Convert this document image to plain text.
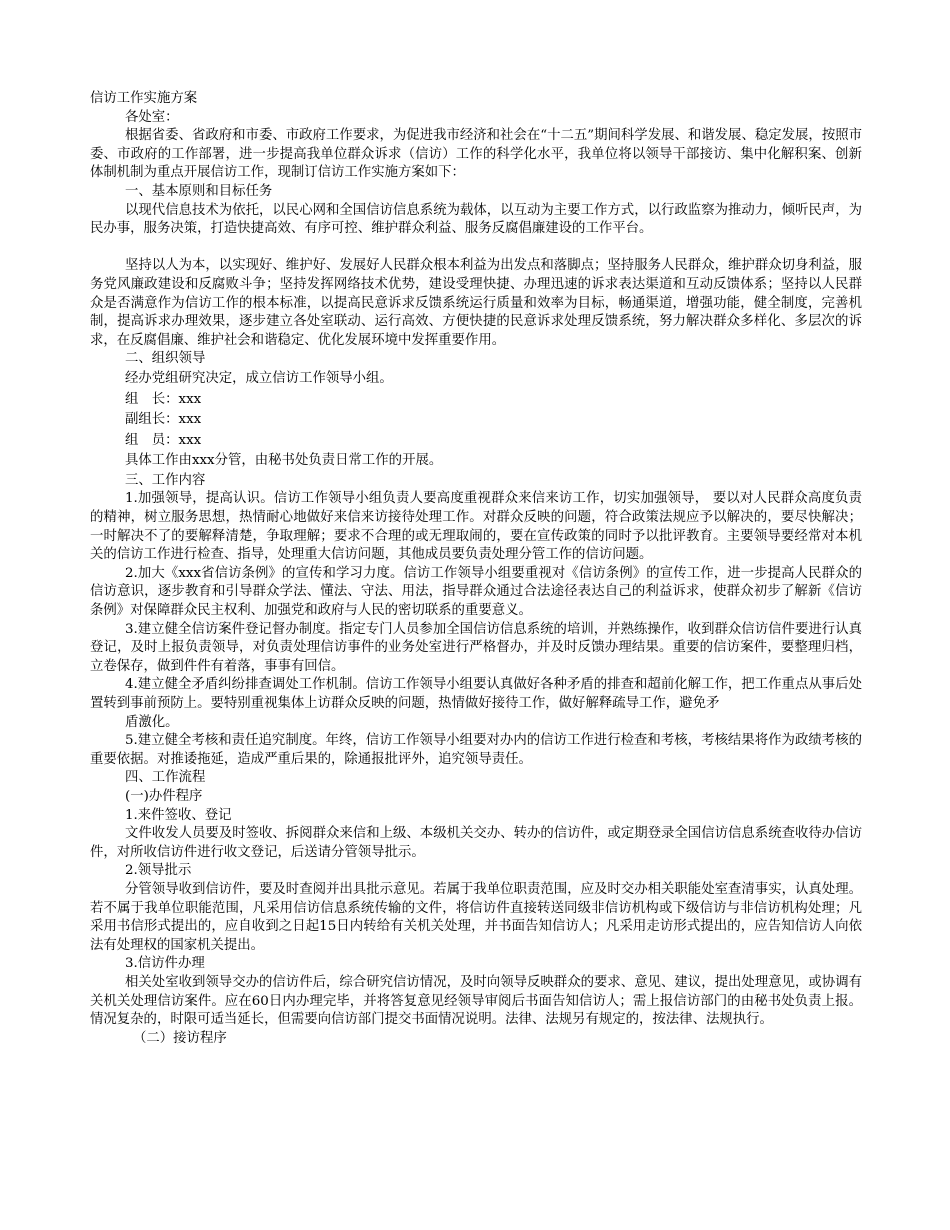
信访工作实施方案

各处室：

根据省委、省政府和市委、市政府工作要求，为促进我市经济和社会在“十二五”期间科学发展、和谐发展、稳定发展，按照市委、市政府的工作部署，进一步提高我单位群众诉求（信访）工作的科学化水平，我单位将以领导干部接访、集中化解积案、创新体制机制为重点开展信访工作，现制订信访工作实施方案如下：

一、基本原则和目标任务

以现代信息技术为依托，以民心网和全国信访信息系统为载体，以互动为主要工作方式，以行政监察为推动力，倾听民声，为民办事，服务决策，打造快捷高效、有序可控、维护群众利益、服务反腐倡廉建设的工作平台。

坚持以人为本，以实现好、维护好、发展好人民群众根本利益为出发点和落脚点；坚持服务人民群众，维护群众切身利益，服务党风廉政建设和反腐败斗争；坚持发挥网络技术优势，建设受理快捷、办理迅速的诉求表达渠道和互动反馈体系；坚持以人民群众是否满意作为信访工作的根本标准，以提高民意诉求反馈系统运行质量和效率为目标，畅通渠道，增强功能，健全制度，完善机制，提高诉求办理效果，逐步建立各处室联动、运行高效、方便快捷的民意诉求处理反馈系统，努力解决群众多样化、多层次的诉求，在反腐倡廉、维护社会和谐稳定、优化发展环境中发挥重要作用。

二、组织领导

经办党组研究决定，成立信访工作领导小组。

组　长：xxx

副组长：xxx

组　员：xxx

具体工作由xxx分管，由秘书处负责日常工作的开展。

三、工作内容

1.加强领导，提高认识。信访工作领导小组负责人要高度重视群众来信来访工作，切实加强领导， 要以对人民群众高度负责的精神，树立服务思想，热情耐心地做好来信来访接待处理工作。对群众反映的问题，符合政策法规应予以解决的，要尽快解决；一时解决不了的要解释清楚，争取理解；要求不合理的或无理取闹的，要在宣传政策的同时予以批评教育。主要领导要经常对本机关的信访工作进行检查、指导，处理重大信访问题，其他成员要负责处理分管工作的信访问题。

2.加大《xxx省信访条例》的宣传和学习力度。信访工作领导小组要重视对《信访条例》的宣传工作，进一步提高人民群众的信访意识，逐步教育和引导群众学法、懂法、守法、用法，指导群众通过合法途径表达自己的利益诉求，使群众初步了解新《信访条例》对保障群众民主权利、加强党和政府与人民的密切联系的重要意义。

3.建立健全信访案件登记督办制度。指定专门人员参加全国信访信息系统的培训，并熟练操作，收到群众信访信件要进行认真登记，及时上报负责领导，对负责处理信访事件的业务处室进行严格督办，并及时反馈办理结果。重要的信访案件，要整理归档，立卷保存，做到件件有着落，事事有回信。

4.建立健全矛盾纠纷排查调处工作机制。信访工作领导小组要认真做好各种矛盾的排查和超前化解工作，把工作重点从事后处置转到事前预防上。要特别重视集体上访群众反映的问题，热情做好接待工作，做好解释疏导工作，避免矛

盾激化。

5.建立健全考核和责任追究制度。年终，信访工作领导小组要对办内的信访工作进行检查和考核，考核结果将作为政绩考核的重要依据。对推诿拖延，造成严重后果的，除通报批评外，追究领导责任。

四、工作流程

(一)办件程序

1.来件签收、登记

文件收发人员要及时签收、拆阅群众来信和上级、本级机关交办、转办的信访件，或定期登录全国信访信息系统查收待办信访件，对所收信访件进行收文登记，后送请分管领导批示。

2.领导批示

分管领导收到信访件，要及时查阅并出具批示意见。若属于我单位职责范围，应及时交办相关职能处室查清事实，认真处理。若不属于我单位职能范围，凡采用信访信息系统传输的文件，将信访件直接转送同级非信访机构或下级信访与非信访机构处理；凡采用书信形式提出的，应自收到之日起15日内转给有关机关处理，并书面告知信访人；凡采用走访形式提出的，应告知信访人向依法有处理权的国家机关提出。

3.信访件办理

相关处室收到领导交办的信访件后，综合研究信访情况，及时向领导反映群众的要求、意见、建议，提出处理意见，或协调有关机关处理信访案件。应在60日内办理完毕，并将答复意见经领导审阅后书面告知信访人；需上报信访部门的由秘书处负责上报。情况复杂的，时限可适当延长，但需要向信访部门提交书面情况说明。法律、法规另有规定的，按法律、法规执行。

（二）接访程序
